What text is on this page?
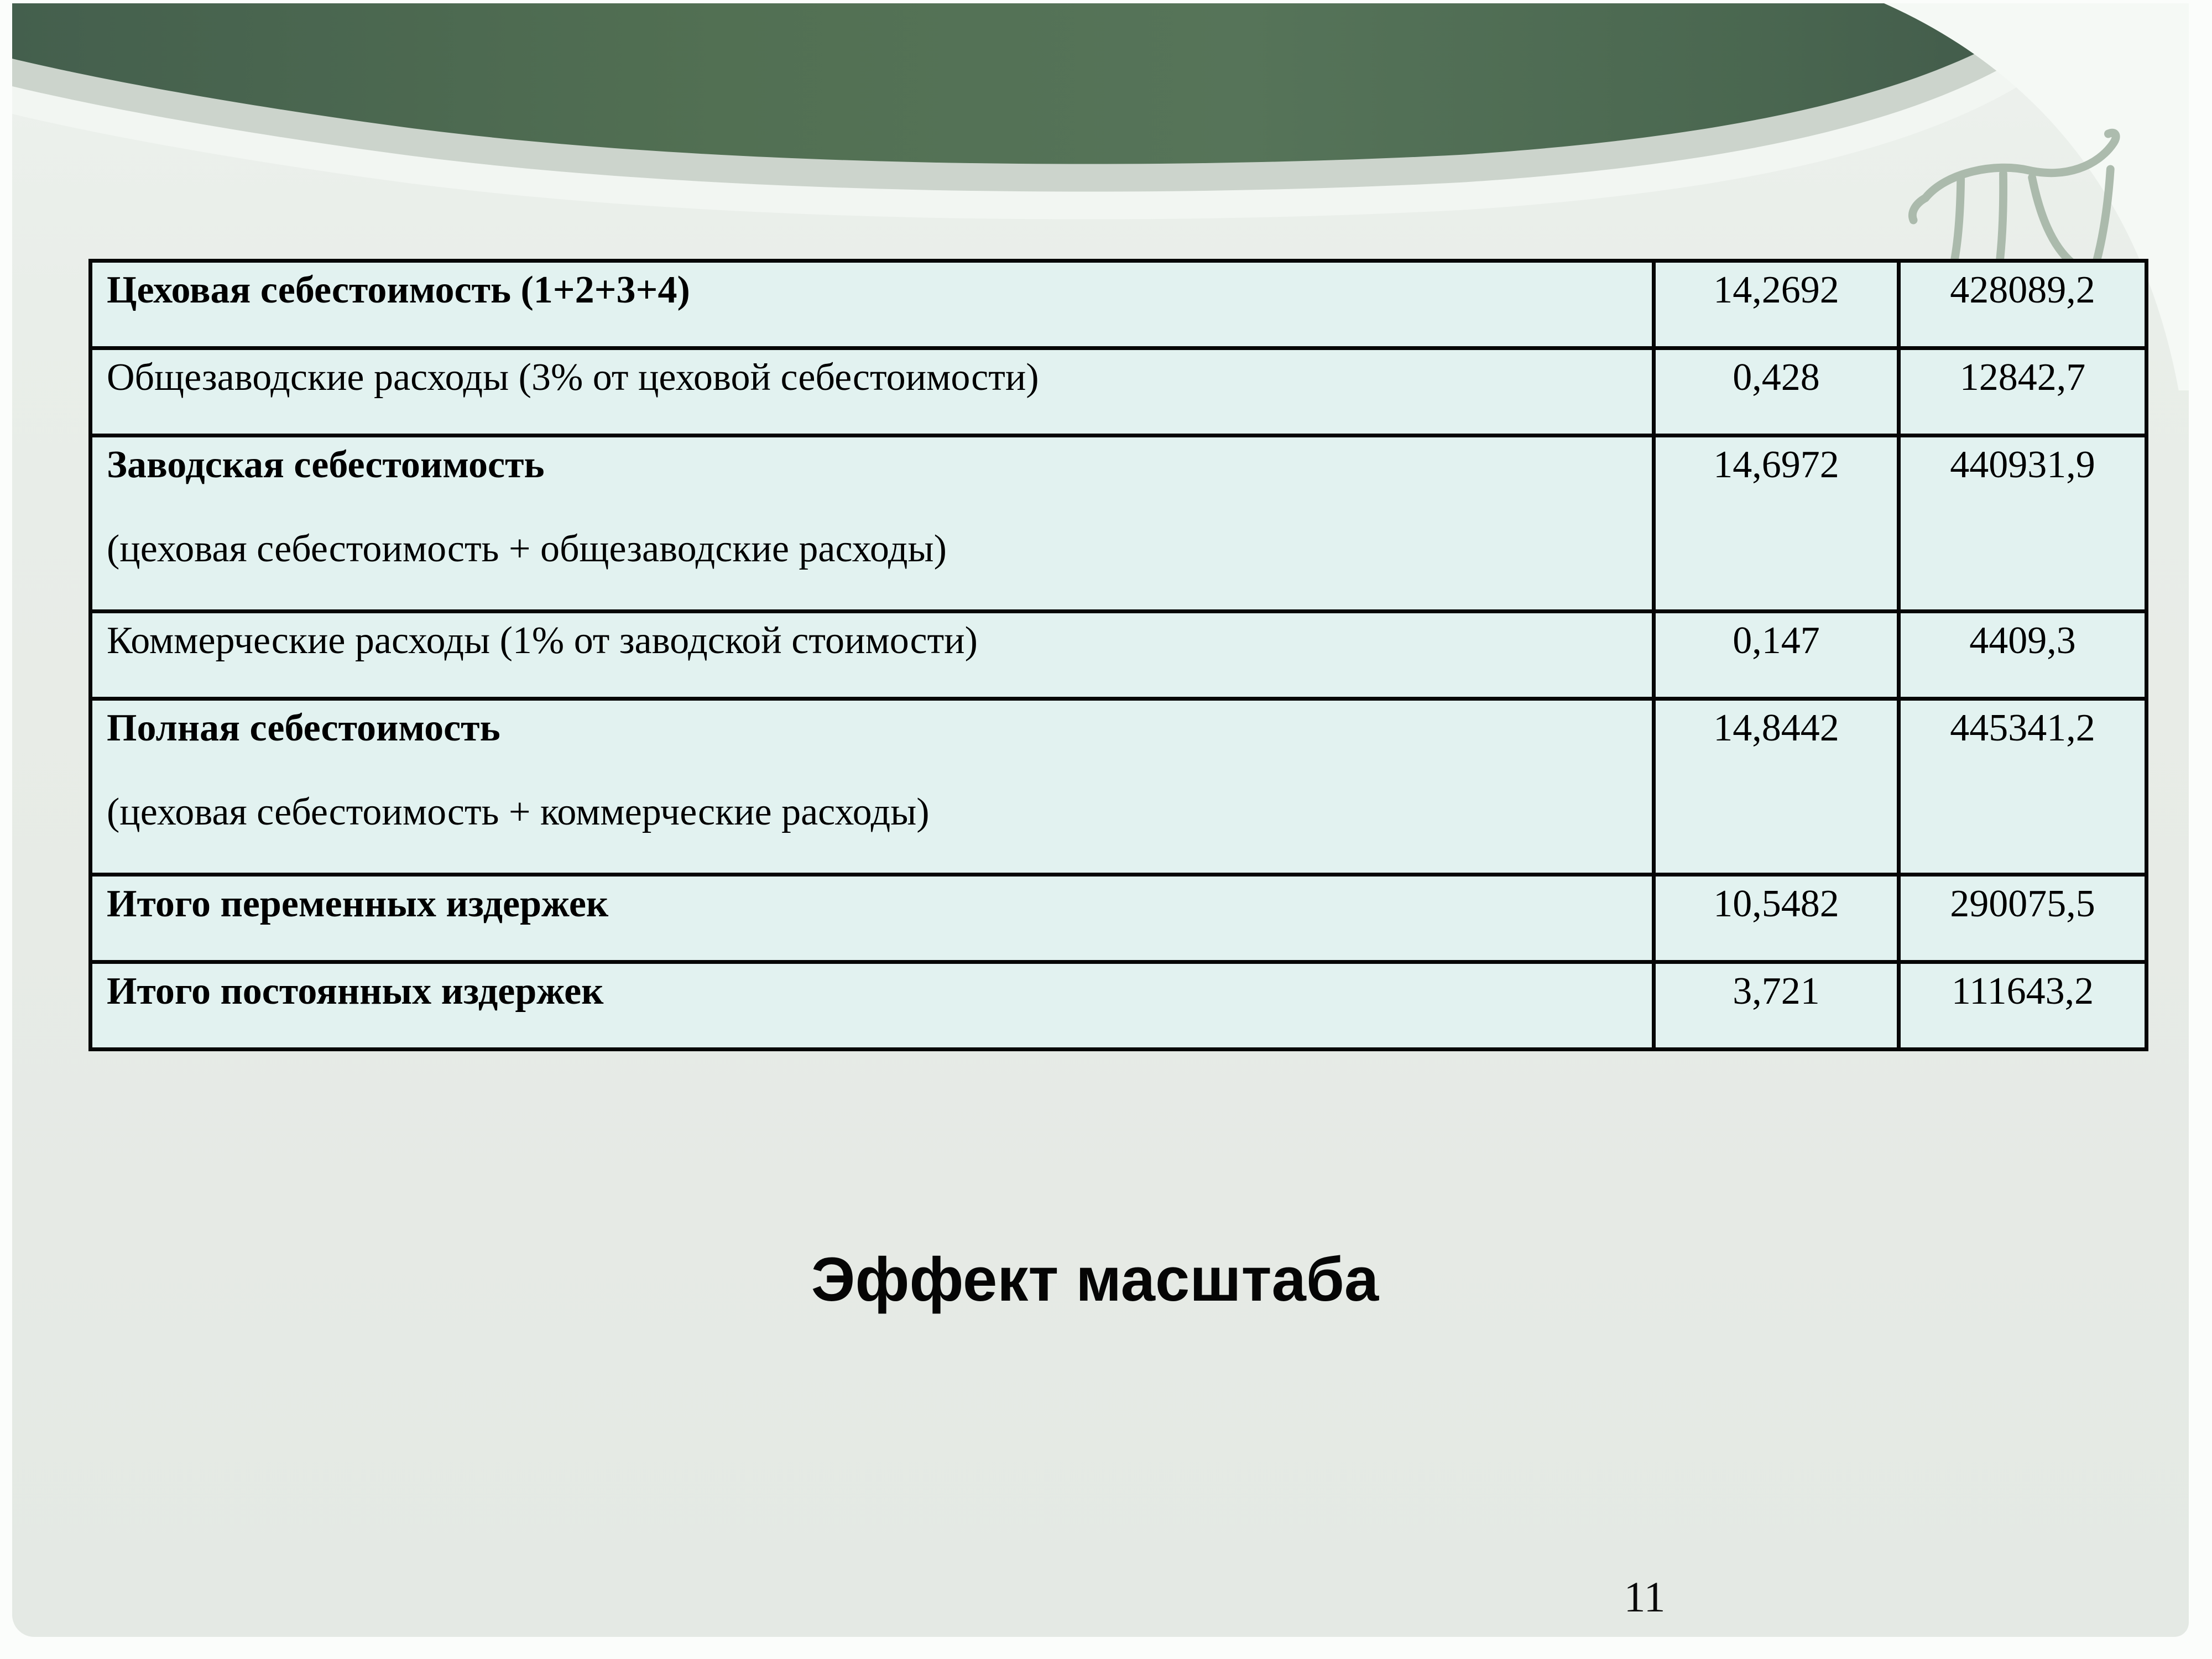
Цеховая себестоимость (1+2+3+4)	14,2692	428089,2

Общезаводские расходы (3% от цеховой себестоимости)	0,428	12842,7

Заводская себестоимость
(цеховая себестоимость + общезаводские расходы)	14,6972	440931,9

Коммерческие расходы (1% от заводской стоимости)	0,147	4409,3

Полная себестоимость
(цеховая себестоимость + коммерческие расходы)	14,8442	445341,2

Итого переменных издержек	10,5482	290075,5

Итого постоянных издержек	3,721	111643,2
Эффект масштаба
11
